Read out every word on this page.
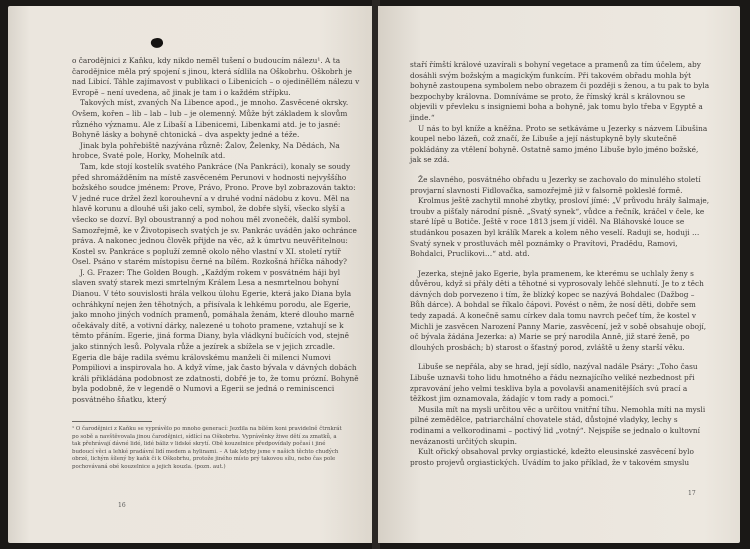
o čarodějnici z Kaňku, kdy nikdo neměl tušení o budoucím nálezu¹. A ta čarodějnice měla prý spojení s jinou, která sídlila na Oškobrhu. Oškobrh je nad Libicí. Táhle zajímavost v publikaci o Libenicích – o ojediněllém nálezu v Evropě – není uvedena, ač jinak je tam i o každém střípku.

Takových míst, zvaných Na Libence apod., je mnoho. Zasvěcené okrsky. Ovšem, kořen – lib – lab – lub – je olemenný. Může být základem k slovům různého významu. Ale z Libaší a Libenicemi, Libenkami atd. je to jasné: Bohyně lásky a bohyně chtonická – dva aspekty jedné a téže.

Jinak byla pohřebiště nazývána různě: Žalov, Želenky, Na Dědách, Na hrobce, Svaté pole, Horky, Mohelník atd.

Tam, kde stojí kostelík svatého Pankráce (Na Pankráci), konaly se soudy před shromážděním na místě zasvěceném Perunovi v hodnosti nejvyššího božského soudce jménem: Prove, Právo, Prono. Prove byl zobrazován takto: V jedné ruce držel žezl korouhevní a v druhé vodní nádobu z kovu. Měl na hlavě korunu a dlouhé uši jako celí, symbol, že dobře slyší, všecko slyší a všecko se dozví. Byl oboustranný a pod nohou měl zvonečék, další symbol. Samozřejmě, ke v Životopisech svatých je sv. Pankrác uváděn jako ochránce práva. A nakonec jednou člověk přijde na věc, až k úmrtvu neuvěřitelnou: Kostel sv. Pankráce s popluží zemně okolo něho vlastní v XI. století rytíř Osel. Psáno v starém místopisu černé na bílém. Rozkošná hříčka náhody?

J. G. Frazer: The Golden Bough. „Každým rokem v posvátném háji byl slaven svatý starek mezi smrtelným Králem Lesa a nesmrtelnou bohyní Dianou. V této souvislosti hrála velkou úlohu Egerie, která jako Diana byla ochráhkyní nejen žen těhotných, a přisívala k lehkému porodu, ale Egerie, jako mnoho jiných vodních pramenů, pomáhala ženám, které dlouho marně očekávaly dítě, a votivní dárky, nalezené u tohoto pramene, vztahují se k těmto přáním. Egerie, jiná forma Diany, byla vládkyní bučících vod, stejně jako stinných lesů. Polyvala růže a jezírek a sbížela se v jejich zrcadle. Egeria dle báje radila svému královskému manželi či milenci Numovi Pompiliovi a inspirovala ho. A když víme, jak často bývala v dávných dobách králi přikládána podobnost ze zdatnosti, dobřé je to, že tomu prózní. Bohyně byla podobně, že v legendě o Numovi a Egerii se jedná o reminiscenci posvátného šňatku, který

¹ O čarodějnici z Kaňku se vyprávělo po mnoho generací: Jezdila na bílém koni pravidelně čtrnkrát po sobě a navštěvovala jinou čarodějnici, sídlící na Oškobrhu. Vyprávěnky žiwe dětí za zmatků, a tak přehrávají dávné lidé, lidé báliz v lidské skrytí. Obě kouzelnice předpovídaly počasí i jiné budoucí věci a lehké pradávní lidí medem a hylinami. – A tak kdyby jsme v našich těchto chudých obrzé, lichým šílený by kaňk či k Oškobrhu, protože jiného místo prý takovou sílu, nebo čas pole pochovávaná obé kouzelnice a jejich kouzla. (pozn. aut.)
16

staří římští králové uzavírali s bohyní vegetace a pramenů za tím účelem, aby dosáhli svým božským a magickým funkcím. Při takovém obřadu mohla být bohyně zastoupena symbolem nebo obrazem či později s ženou, a tu pak to byla bezpochyby královna. Domníváme se proto, že římský král s královnou se objevili v převleku s insigniemi boha a bohyně, jak tomu bylo třeba v Egyptě a jinde.“

U nás to byl kníže a kněžna. Proto se setkáváme u Jezerky s názvem Libušina koupel nebo lázeň, což značí, že Libuše a její nástupkyně byly skutečně pokládány za vtělení bohyně. Ostatně samo jméno Libuše bylo jméno božské, jak se zdá.

Že slavného, posvátného obřadu u Jezerky se zachovalo do minulého století provjarní slavnosti Fidlovačka, samozřejmě již v falsorně pokleslé formě.

Krolmus ještě zachytil mnohé zbytky, prosloví jímé: „V průvodu hrály šalmaje, troubv a pišťaly národní písně. „Svatý synek“, vůdce a řečník, kráčel v čele, ke staré lípě u Botiče. Ještě v roce 1813 jsem jí viděl. Na Bláhovské louce se studánkou posazen byl králík Marek a kolem něho veselí. Raduji se, hoduji … Svatý synek v prostluvách měl poznámky o Pravítovi, Pradědu, Ramovi, Bohdalci, Pruclikovi…“ atd. atd.

Jezerka, stejně jako Egerie, byla pramenem, ke kterému se uchlaly ženy s důvěrou, když si přály děti a těhotné si vyprosovaly lehčé slehnutí. Je to z těch dávných dob porvezeno i tím, že blízký kopec se nazývá Bohdalec (Dažbog – Bůh dárce). A bohdal se říkalo čápovi. Povést o něm, že nosí děti, dobře sem tedy zapadá. A konečně samu církev dala tomu navrch pečeť tím, že kostel v Michli je zasvěcen Narození Panny Marie, zasvěcení, jež v sobě obsahuje obojí, oč bývala žádána Jezerka: a) Marie se prý narodila Anně, již staré ženě, po dlouhých prosbách; b) starost o šťastný porod, zvláště u ženy starší věku.

Libuše se nepřála, aby se hrad, její sídlo, nazýval nadále Psáry: „Toho času Libuše uznavši toho lidu hmotného a řádu neznajícího veliké nezbednost při zpravování jeho velmi teskliva byla a povolavši anamenitějších svú prací a těžkost jim oznamovala, žádajíc v tom rady a pomoci.“

Musila mít na mysli určitou věc a určitou vnitřní tíhu. Nemohla míti na mysli pilné zemědělce, patriarchální chovatele stád, důstojné vladyky, lechy s rodinami a velkorodinami – poctivý lid „votný“. Nejspíše se jednalo o kultovní nevázanosti určitých skupin.

Kult ořický obsahoval prvky orgiastické, kdežto eleusinské zasvěcení bylo prosto projevů orgiastických. Uvádím to jako příklad, že v takovém smyslu

17
